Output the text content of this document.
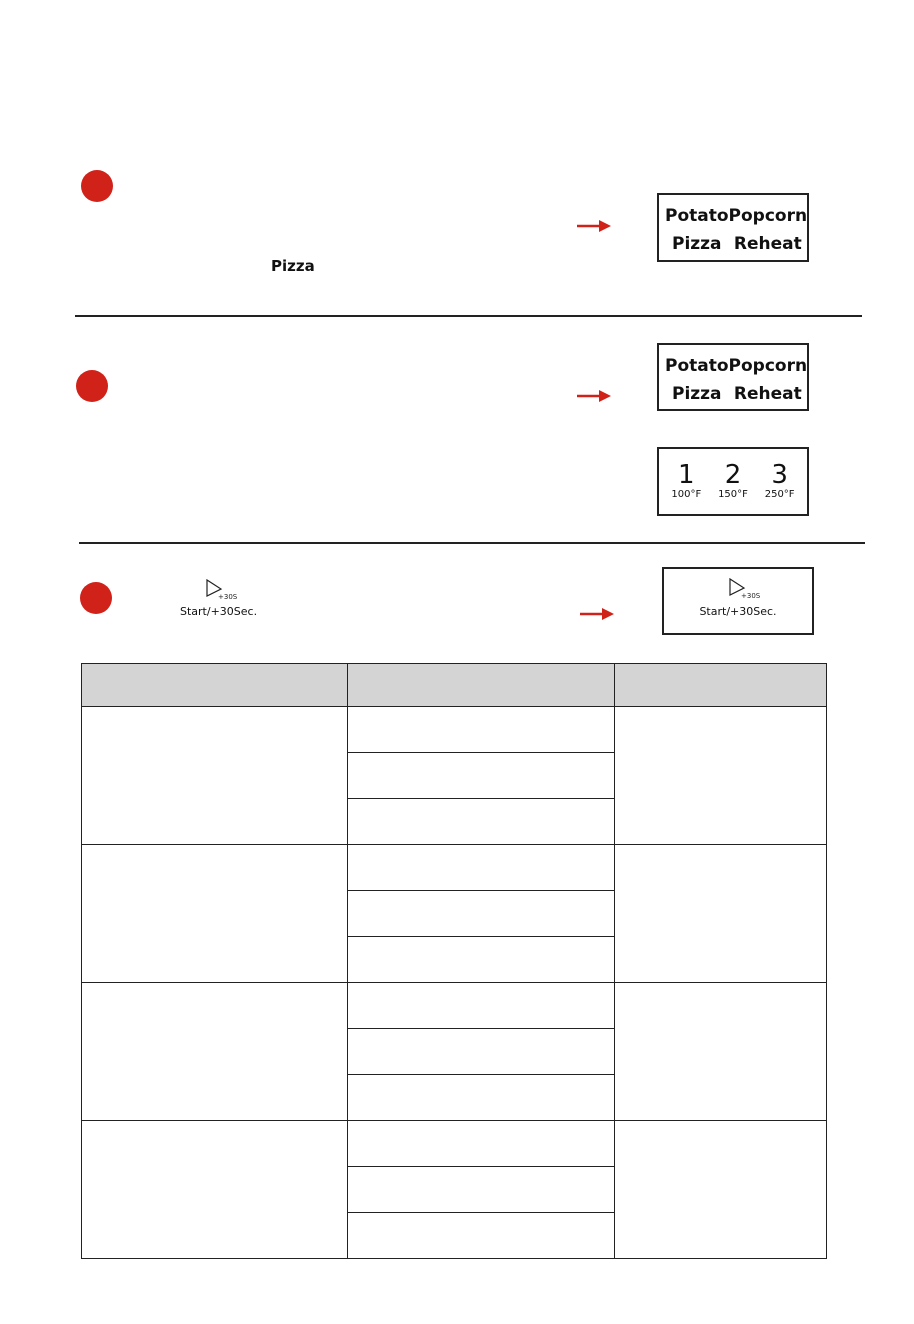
Pizza
Potato Popcorn
Pizza Reheat
Potato Popcorn
Pizza Reheat
1
100°F
2
150°F
3
250°F
+30S
Start/+30Sec.
+30S
Start/+30Sec.
